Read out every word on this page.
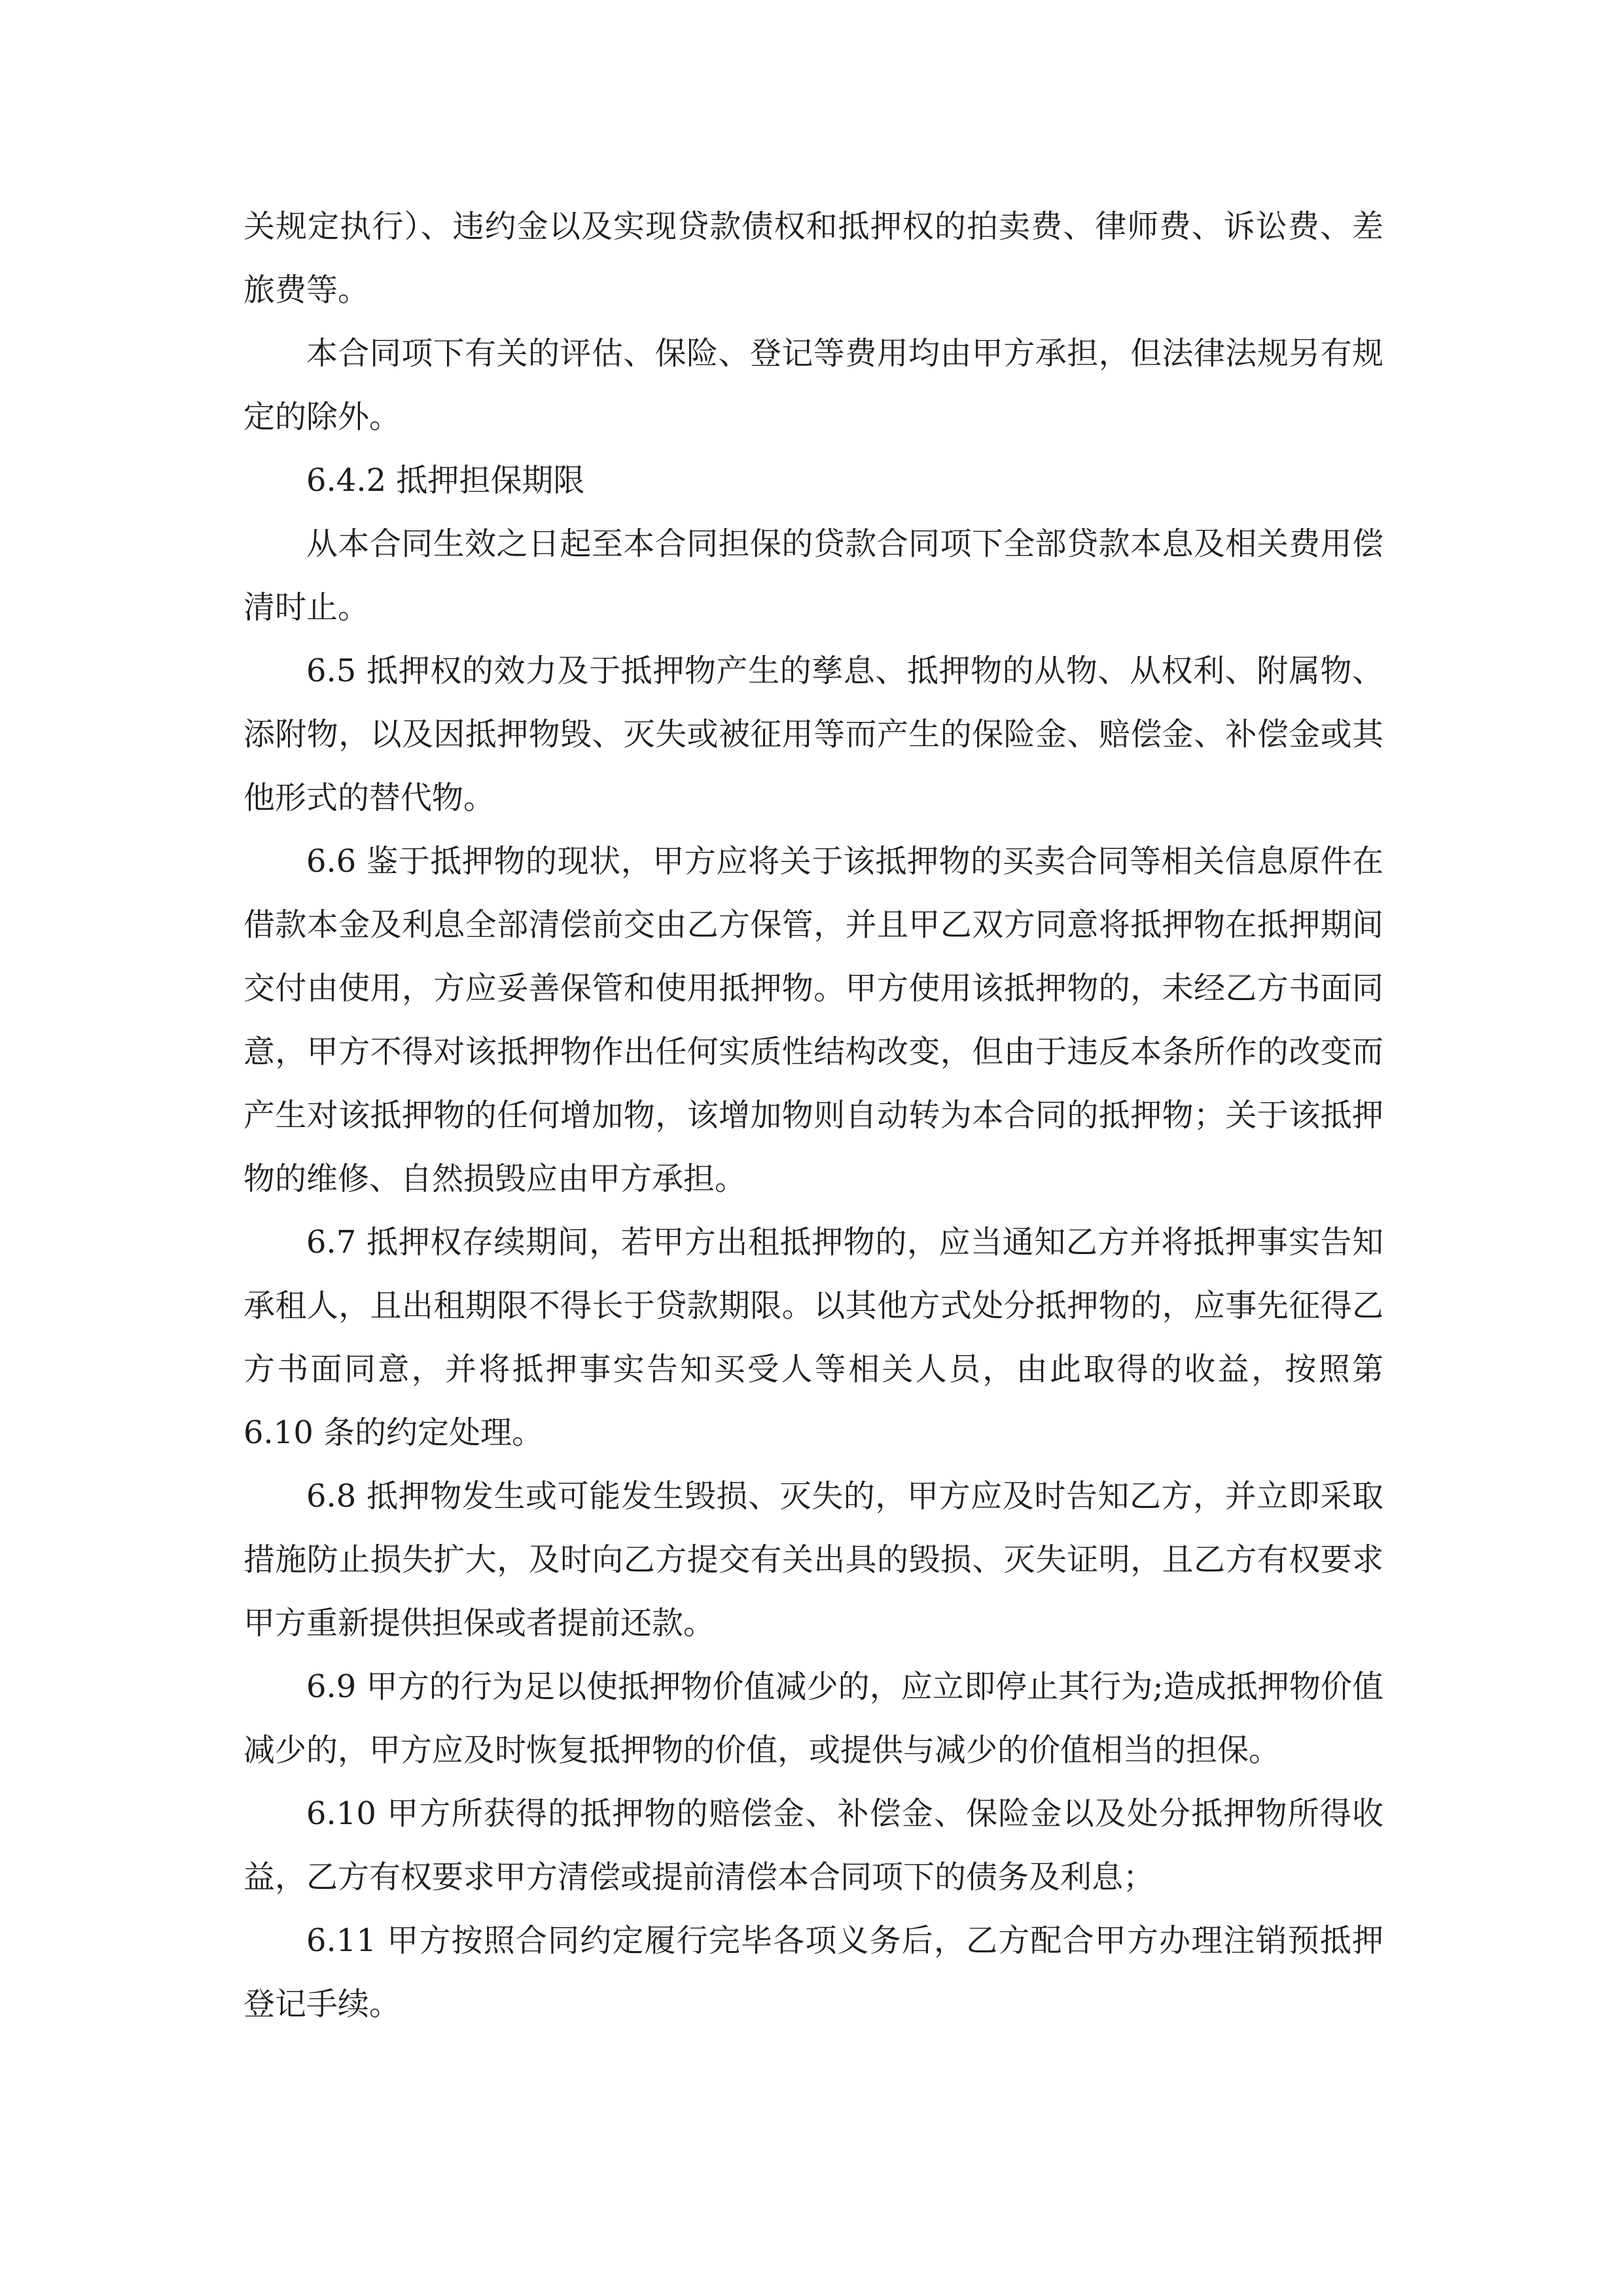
关规定执行）、违约金以及实现贷款债权和抵押权的拍卖费、律师费、诉讼费、差旅费等。

本合同项下有关的评估、保险、登记等费用均由甲方承担，但法律法规另有规定的除外。

6.4.2 抵押担保期限

从本合同生效之日起至本合同担保的贷款合同项下全部贷款本息及相关费用偿清时止。

6.5 抵押权的效力及于抵押物产生的孳息、抵押物的从物、从权利、附属物、添附物，以及因抵押物毁、灭失或被征用等而产生的保险金、赔偿金、补偿金或其他形式的替代物。

6.6 鉴于抵押物的现状，甲方应将关于该抵押物的买卖合同等相关信息原件在借款本金及利息全部清偿前交由乙方保管，并且甲乙双方同意将抵押物在抵押期间交付由使用，方应妥善保管和使用抵押物。甲方使用该抵押物的，未经乙方书面同意，甲方不得对该抵押物作出任何实质性结构改变，但由于违反本条所作的改变而产生对该抵押物的任何增加物，该增加物则自动转为本合同的抵押物；关于该抵押物的维修、自然损毁应由甲方承担。

6.7 抵押权存续期间，若甲方出租抵押物的，应当通知乙方并将抵押事实告知承租人，且出租期限不得长于贷款期限。以其他方式处分抵押物的，应事先征得乙方书面同意，并将抵押事实告知买受人等相关人员，由此取得的收益，按照第 6.10 条的约定处理。

6.8 抵押物发生或可能发生毁损、灭失的，甲方应及时告知乙方，并立即采取措施防止损失扩大，及时向乙方提交有关出具的毁损、灭失证明，且乙方有权要求甲方重新提供担保或者提前还款。

6.9 甲方的行为足以使抵押物价值减少的，应立即停止其行为;造成抵押物价值减少的，甲方应及时恢复抵押物的价值，或提供与减少的价值相当的担保。

6.10 甲方所获得的抵押物的赔偿金、补偿金、保险金以及处分抵押物所得收益，乙方有权要求甲方清偿或提前清偿本合同项下的债务及利息；

6.11 甲方按照合同约定履行完毕各项义务后，乙方配合甲方办理注销预抵押登记手续。
